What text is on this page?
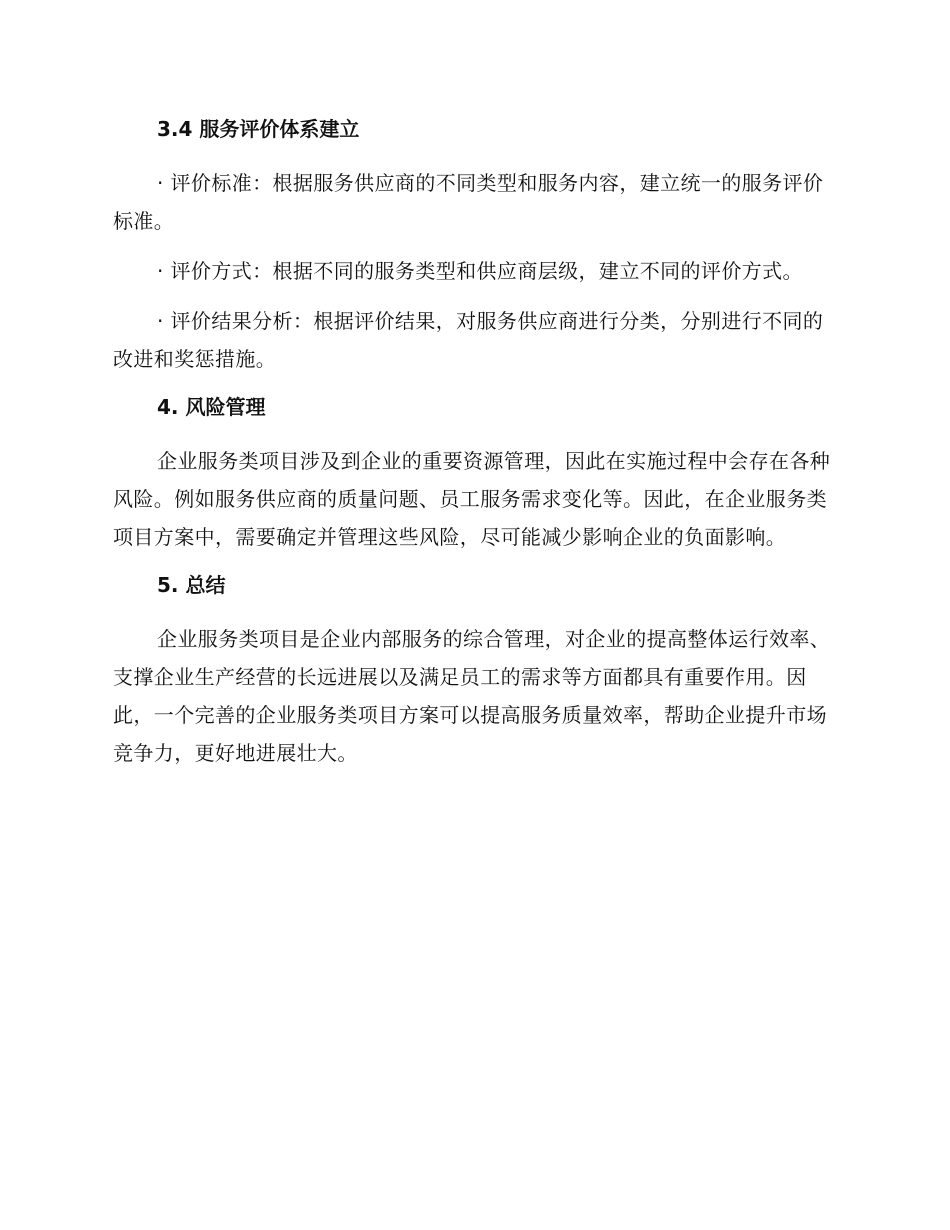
3.4 服务评价体系建立
· 评价标准：根据服务供应商的不同类型和服务内容，建立统一的服务评价标准。
· 评价方式：根据不同的服务类型和供应商层级，建立不同的评价方式。
· 评价结果分析：根据评价结果，对服务供应商进行分类，分别进行不同的改进和奖惩措施。
4. 风险管理
企业服务类项目涉及到企业的重要资源管理，因此在实施过程中会存在各种风险。例如服务供应商的质量问题、员工服务需求变化等。因此，在企业服务类项目方案中，需要确定并管理这些风险，尽可能减少影响企业的负面影响。
5. 总结
企业服务类项目是企业内部服务的综合管理，对企业的提高整体运行效率、支撑企业生产经营的长远进展以及满足员工的需求等方面都具有重要作用。因此，一个完善的企业服务类项目方案可以提高服务质量效率，帮助企业提升市场竞争力，更好地进展壮大。
